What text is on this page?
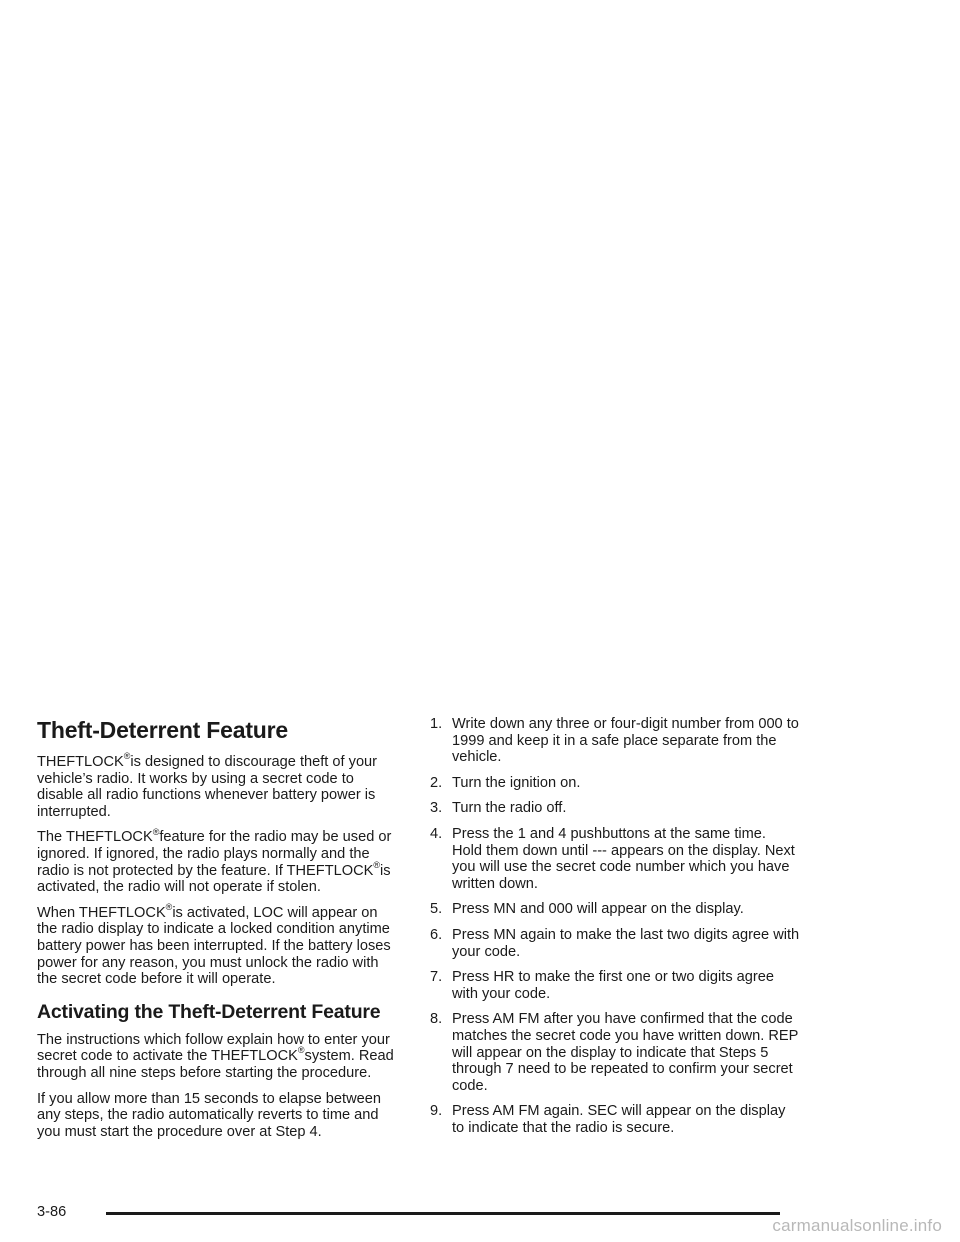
Theft-Deterrent Feature

THEFTLOCK®is designed to discourage theft of your vehicle’s radio. It works by using a secret code to disable all radio functions whenever battery power is interrupted.

The THEFTLOCK®feature for the radio may be used or ignored. If ignored, the radio plays normally and the radio is not protected by the feature. If THEFTLOCK®is activated, the radio will not operate if stolen.

When THEFTLOCK®is activated, LOC will appear on the radio display to indicate a locked condition anytime battery power has been interrupted. If the battery loses power for any reason, you must unlock the radio with the secret code before it will operate.

Activating the Theft-Deterrent Feature

The instructions which follow explain how to enter your secret code to activate the THEFTLOCK®system. Read through all nine steps before starting the procedure.

If you allow more than 15 seconds to elapse between any steps, the radio automatically reverts to time and you must start the procedure over at Step 4.

1. Write down any three or four-digit number from 000 to 1999 and keep it in a safe place separate from the vehicle.
2. Turn the ignition on.
3. Turn the radio off.
4. Press the 1 and 4 pushbuttons at the same time. Hold them down until --- appears on the display. Next you will use the secret code number which you have written down.
5. Press MN and 000 will appear on the display.
6. Press MN again to make the last two digits agree with your code.
7. Press HR to make the first one or two digits agree with your code.
8. Press AM FM after you have confirmed that the code matches the secret code you have written down. REP will appear on the display to indicate that Steps 5 through 7 need to be repeated to confirm your secret code.
9. Press AM FM again. SEC will appear on the display to indicate that the radio is secure.
3-86
carmanualsonline.info
